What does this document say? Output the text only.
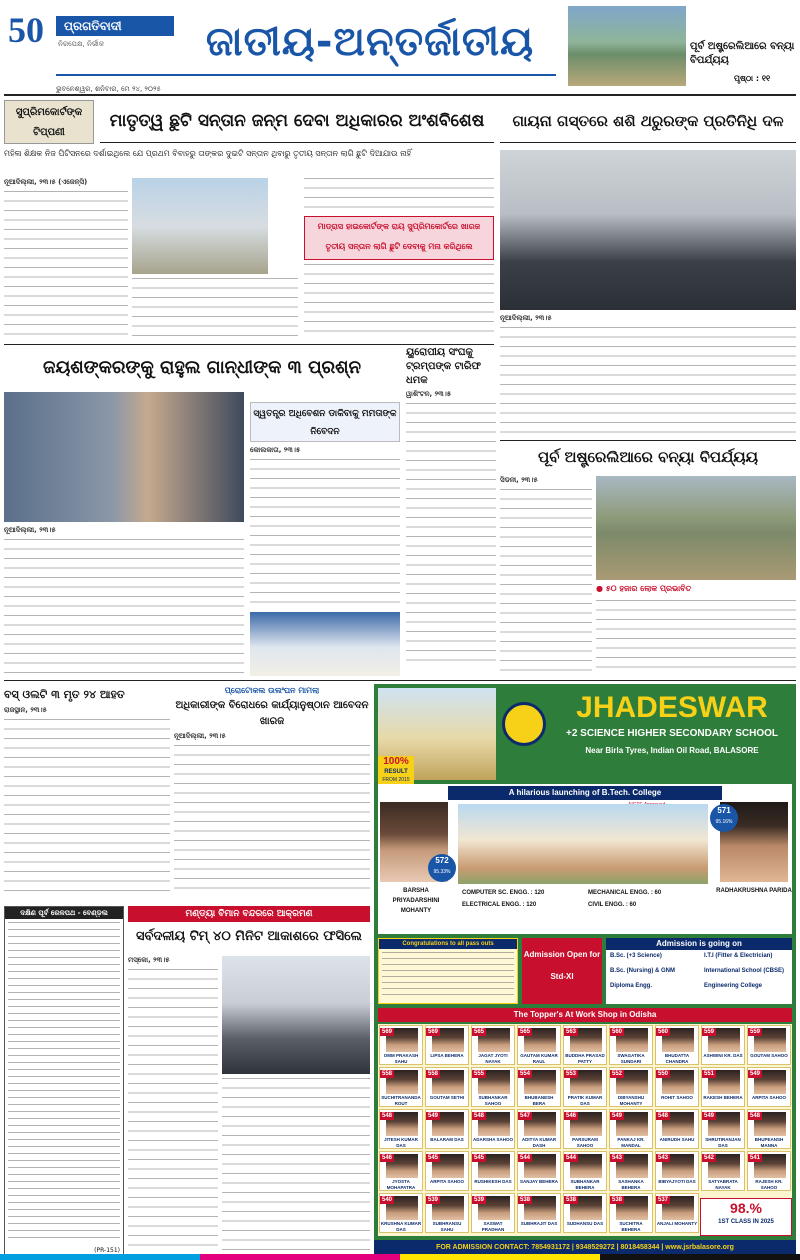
50	ପ୍ରଗତିବାଦୀ
ନିରପେକ୍ଷ, ନିର୍ଭୀକ	ଜାତୀୟ-ଅନ୍ତର୍ଜାତୀୟ	ପୂର୍ବ ଅଷ୍ଟ୍ରେଲିଆରେ ବନ୍ୟା ବିପର୍ଯ୍ୟୟ
ଭୁବନେଶ୍ୱର, ଶନିବାର, ମେ ୨୪, ୨୦୨୫
ପୃଷ୍ଠା : ୧୧
ସୁପ୍ରିମକୋର୍ଟଙ୍କ ଟିପ୍ପଣୀ
ମାତୃତ୍ୱ ଛୁଟି ସନ୍ତାନ ଜନ୍ମ ଦେବା ଅଧିକାରର ଅଂଶବିଶେଷ
ମହିଳା ଶିକ୍ଷକ ନିଜ ପିଟିସନରେ ଦର୍ଶାଇଥିଲେ ଯେ ପ୍ରଥମ ବିବାହରୁ ତାଙ୍କର ଦୁଇଟି ସନ୍ତାନ ଥିବାରୁ ତୃତୀୟ ସନ୍ତାନ ଲାଗି ଛୁଟି ଦିଆଯାଉ ନାହିଁ
ମାଡ୍ରାସ ହାଇକୋର୍ଟଙ୍କ ରାୟ ସୁପ୍ରିମକୋର୍ଟରେ ଖାରଜ
ତୃତୀୟ ସନ୍ତାନ ଲାଗି ଛୁଟି ଦେବାକୁ ମନା କରିଥିଲେ
ନୂଆଦିଲ୍ଲୀ, ୨୩।୫ (ଏଜେନ୍ସି)
ଗାୟନା ଗସ୍ତରେ ଶଶି ଥରୁରଙ୍କ ପ୍ରତିନିଧି ଦଳ
ନୂଆଦିଲ୍ଲୀ, ୨୩।୫
ଜୟଶଙ୍କରଙ୍କୁ ରାହୁଲ ଗାନ୍ଧୀଙ୍କ ୩ ପ୍ରଶ୍ନ
ନୂଆଦିଲ୍ଲୀ, ୨୩।୫
ସ୍ୱତନ୍ତ୍ର ଅଧିବେଶନ ଡାକିବାକୁ ମମତାଙ୍କ ନିବେଦନ
କୋଲକାତା, ୨୩।୫
ୟୁରୋପୀୟ ସଂଘକୁ ଟ୍ରମ୍ପଙ୍କ ଟାରିଫ ଧମକ
ୱାଶିଂଟନ, ୨୩।୫
ପୂର୍ବ ଅଷ୍ଟ୍ରେଲିଆରେ ବନ୍ୟା ବିପର୍ଯ୍ୟୟ
ସିଡନୀ, ୨୩।୫
● ୫୦ ହଜାର ଲୋକ ପ୍ରଭାବିତ
ବସ୍ ଓଲଟି ୩ ମୃତ ୨୪ ଆହତ
ରାଜସ୍ଥାନ, ୨୩।୫
ପ୍ରୋଟୋକଲ ଉଲଂଘନ ମାମଲା
ଅଧିକାରୀଙ୍କ ବିରୋଧରେ କାର୍ଯ୍ୟାନୁଷ୍ଠାନ ଆବେଦନ ଖାରଜ
ନୂଆଦିଲ୍ଲୀ, ୨୩।୫
ଦକ୍ଷିଣ ପୂର୍ବ ରେଳପଥ - ବେଣ୍ଡ଼ଲ
(PR-151)
ମଣ୍ଡ୍ୟା ବିମାନ ବନ୍ଦରରେ ଆକ୍ରମଣ
ସର୍ବଦଳୀୟ ଟିମ୍ ୪୦ ମିନିଟ ଆକାଶରେ ଫସିଲେ
ମସ୍କୋ, ୨୩।୫
JHADESWAR
+2 SCIENCE HIGHER SECONDARY SCHOOL
Near Birla Tyres, Indian Oil Road, BALASORE
100%
RESULT
FROM 2015
A hilarious launching of B.Tech. College
572
95.33%
BARSHA PRIYADARSHINI MOHANTY
COMPUTER SC. ENGG. : 120	MECHANICAL ENGG. : 60
ELECTRICAL ENGG. : 120	CIVIL ENGG. : 60
571
95.16%
RADHAKRUSHNA PARIDA
Congratulations to all pass outs
Admission Open for Std-XI
Admission is going on
B.Sc. (+3 Science)
B.Sc. (Nursing) & GNM
Diploma Engg.
I.T.I (Fitter & Electrician)
International School (CBSE)
Engineering College
The Topper's At Work Shop in Odisha
569
OMM PRAKASH SAHU
569
LIPSA BEHERA
565
JAGAT JYOTI NAYAK
565
GAUTAM KUMAR RAUL
563
BUDDHA PRASAD PATTY
560
SWAGATIKA SUNDARI
560
BHUDATTA CHANDRA
559
ASHWINI KR. DAS
559
GOUTAM SAHOO
558
SUCHITRANANDA ROUT
558
GOUTAM SETHI
555
SUBHANKAR SAHOO
554
BHUBANESH BERA
553
PRATIK KUMAR DAS
552
DIBYANSHU MOHANTY
550
ROHIT SAHOO
551
RAKESH BEHERA
549
ARPITA SAHOO
548
JITESH KUMAR DAS
549
BALARAM DAS
548
ADARSHA SAHOO
547
ADITYA KUMAR DASH
546
PARSURAM SAHOO
549
PANKAJ KR. MANDAL
548
ANIRUDH SAHU
549
SHRUTIRANJAN DAS
548
BHUPEANSH MANNA
546
JYOSTA MOHAPATRA
545
ARPITA SAHOO
545
RUSHIKESH DAS
544
SANJAY BEHERA
544
SUBHANKAR BEHERA
543
SASHANKA BEHERA
543
BIBYAJYOTI DAS
542
SATYABRATA NAYAK
541
RAJESH KR. SAHOO
540
KRUSHNA KUMAR DAS
539
SUBHRANSU SAHU
539
SASWAT PRADHAN
538
SUBHRAJIT DAS
538
SUDHANSU DAS
538
SUCHITRA BEHERA
537
ANJALI MOHANTY
98.%
1ST CLASS IN 2025
FOR ADMISSION CONTACT: 7854931172 | 9348529272 | 8018458344 | www.jsrbalasore.org
